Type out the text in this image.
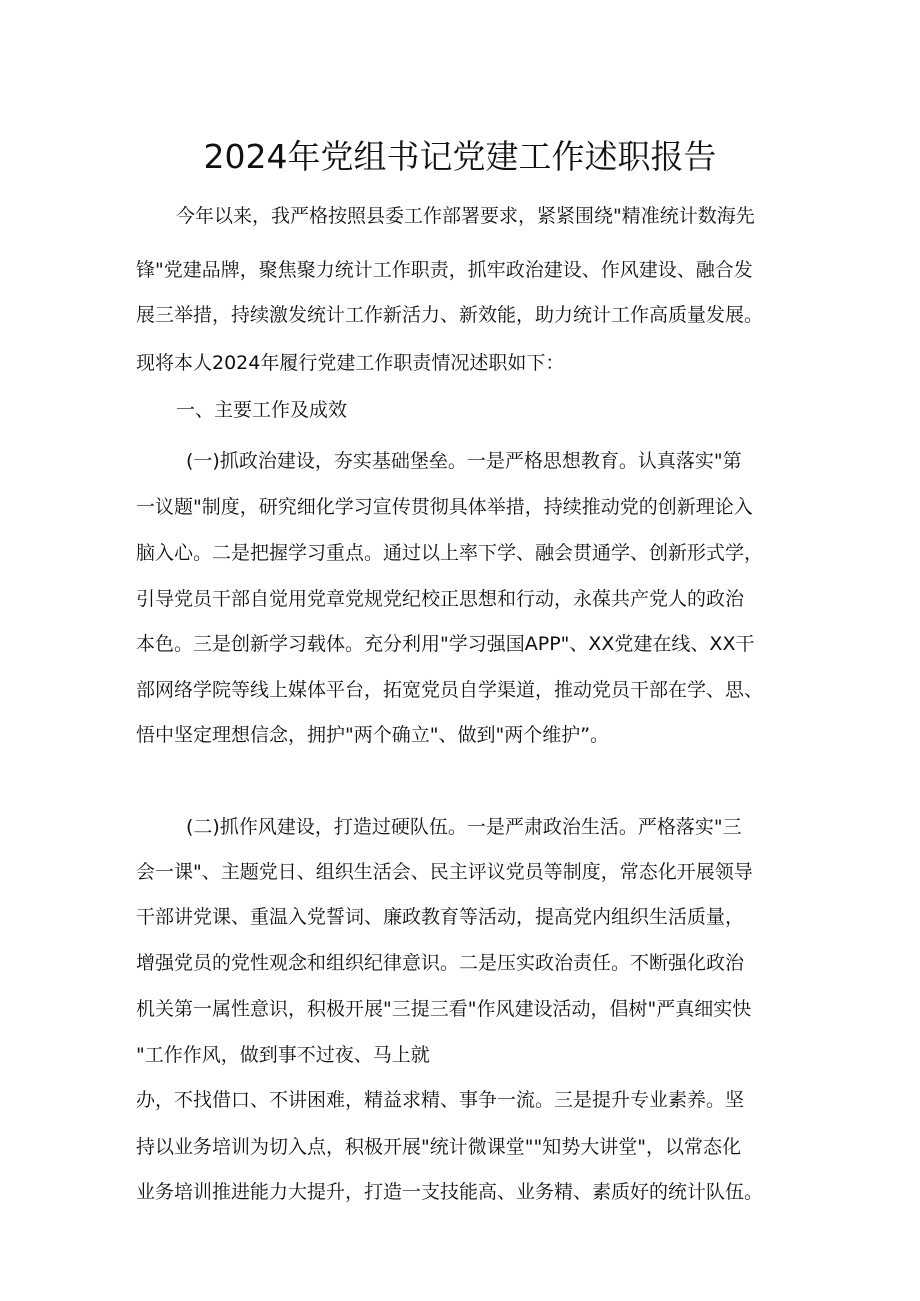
2024年党组书记党建工作述职报告
今年以来，我严格按照县委工作部署要求，紧紧围绕"精准统计数海先
锋"党建品牌，聚焦聚力统计工作职责，抓牢政治建设、作风建设、融合发
展三举措，持续激发统计工作新活力、新效能，助力统计工作高质量发展。
现将本人2024年履行党建工作职责情况述职如下：
一、主要工作及成效
(一)抓政治建设，夯实基础堡垒。一是严格思想教育。认真落实"第
一议题"制度，研究细化学习宣传贯彻具体举措，持续推动党的创新理论入
脑入心。二是把握学习重点。通过以上率下学、融会贯通学、创新形式学，
引导党员干部自觉用党章党规党纪校正思想和行动，永葆共产党人的政治
本色。三是创新学习载体。充分利用"学习强国APP"、XX党建在线、XX干
部网络学院等线上媒体平台，拓宽党员自学渠道，推动党员干部在学、思、
悟中坚定理想信念，拥护"两个确立"、做到"两个维护”。
(二)抓作风建设，打造过硬队伍。一是严肃政治生活。严格落实"三
会一课"、主题党日、组织生活会、民主评议党员等制度，常态化开展领导
干部讲党课、重温入党誓词、廉政教育等活动，提高党内组织生活质量，
增强党员的党性观念和组织纪律意识。二是压实政治责任。不断强化政治
机关第一属性意识，积极开展"三提三看"作风建设活动，倡树"严真细实快
"工作作风，做到事不过夜、马上就
办，不找借口、不讲困难，精益求精、事争一流。三是提升专业素养。坚
持以业务培训为切入点，积极开展"统计微课堂""知势大讲堂"，以常态化
业务培训推进能力大提升，打造一支技能高、业务精、素质好的统计队伍。
